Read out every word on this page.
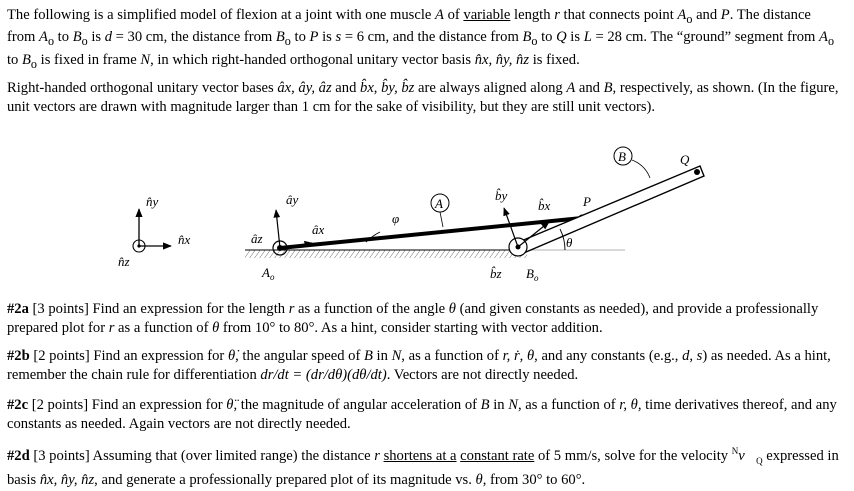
The following is a simplified model of flexion at a joint with one muscle A of variable length r that connects point $A_o$ and P. The distance from $A_o$ to $B_o$ is d = 30 cm, the distance from $B_o$ to P is s = 6 cm, and the distance from $B_o$ to Q is L = 28 cm. The “ground” segment from $A_o$ to $B_o$ is fixed in frame N, in which right-handed orthogonal unitary vector basis n̂x, n̂y, n̂z is fixed.
Right-handed orthogonal unitary vector bases âx, ây, âz and b̂x, b̂y, b̂z are always aligned along A and B, respectively, as shown. (In the figure, unit vectors are drawn with magnitude larger than 1 cm for the sake of visibility, but they are still unit vectors).
n̂y
n̂x
n̂z
ây
âx
âz
φ
A
θ
b̂y
b̂x
b̂z
B
P
Q
$A_o$	$B_o$
#2a [3 points] Find an expression for the length r as a function of the angle θ (and given constants as needed), and provide a professionally prepared plot for r as a function of θ from 10° to 80°. As a hint, consider starting with vector addition.
#2b [2 points] Find an expression for θ̇, the angular speed of B in N, as a function of r, ṙ, θ, and any constants (e.g., d, s) as needed. As a hint, remember the chain rule for differentiation dr/dt = (dr/dθ)(dθ/dt). Vectors are not directly needed.
#2c [2 points] Find an expression for θ̈, the magnitude of angular acceleration of B in N, as a function of r, θ, time derivatives thereof, and any constants as needed. Again vectors are not directly needed.
#2d [3 points] Assuming that (over limited range) the distance r shortens at a constant rate of 5 mm/s, solve for the velocity $^Nv⃗_Q$ expressed in basis n̂x, n̂y, n̂z, and generate a professionally prepared plot of its magnitude vs. θ, from 30° to 60°.
